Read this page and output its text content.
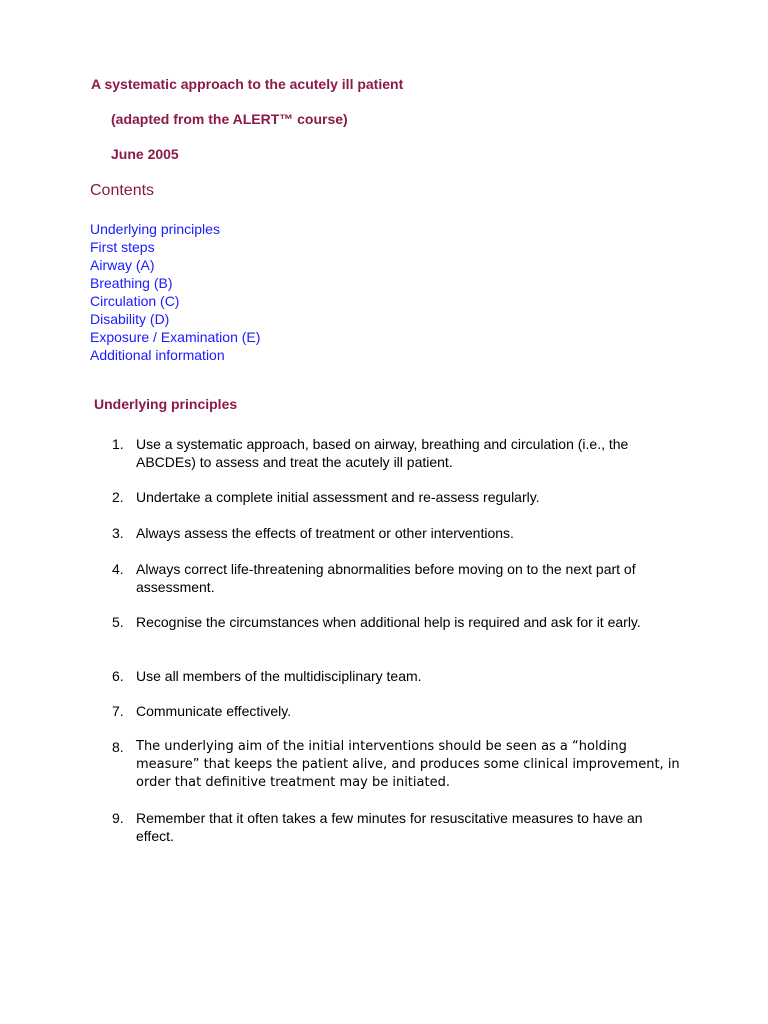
A systematic approach to the acutely ill patient

(adapted from the ALERT™ course)

June 2005

Contents
Underlying principles
First steps
Airway (A)
Breathing (B)
Circulation (C)
Disability (D)
Exposure / Examination (E)
Additional information
Underlying principles
1. Use a systematic approach, based on airway, breathing and circulation (i.e., the ABCDEs) to assess and treat the acutely ill patient.
2. Undertake a complete initial assessment and re-assess regularly.
3. Always assess the effects of treatment or other interventions.
4. Always correct life-threatening abnormalities before moving on to the next part of assessment.
5. Recognise the circumstances when additional help is required and ask for it early.
6. Use all members of the multidisciplinary team.
7. Communicate effectively.
8. The underlying aim of the initial interventions should be seen as a “holding measure” that keeps the patient alive, and produces some clinical improvement, in order that definitive treatment may be initiated.
9. Remember that it often takes a few minutes for resuscitative measures to have an effect.
